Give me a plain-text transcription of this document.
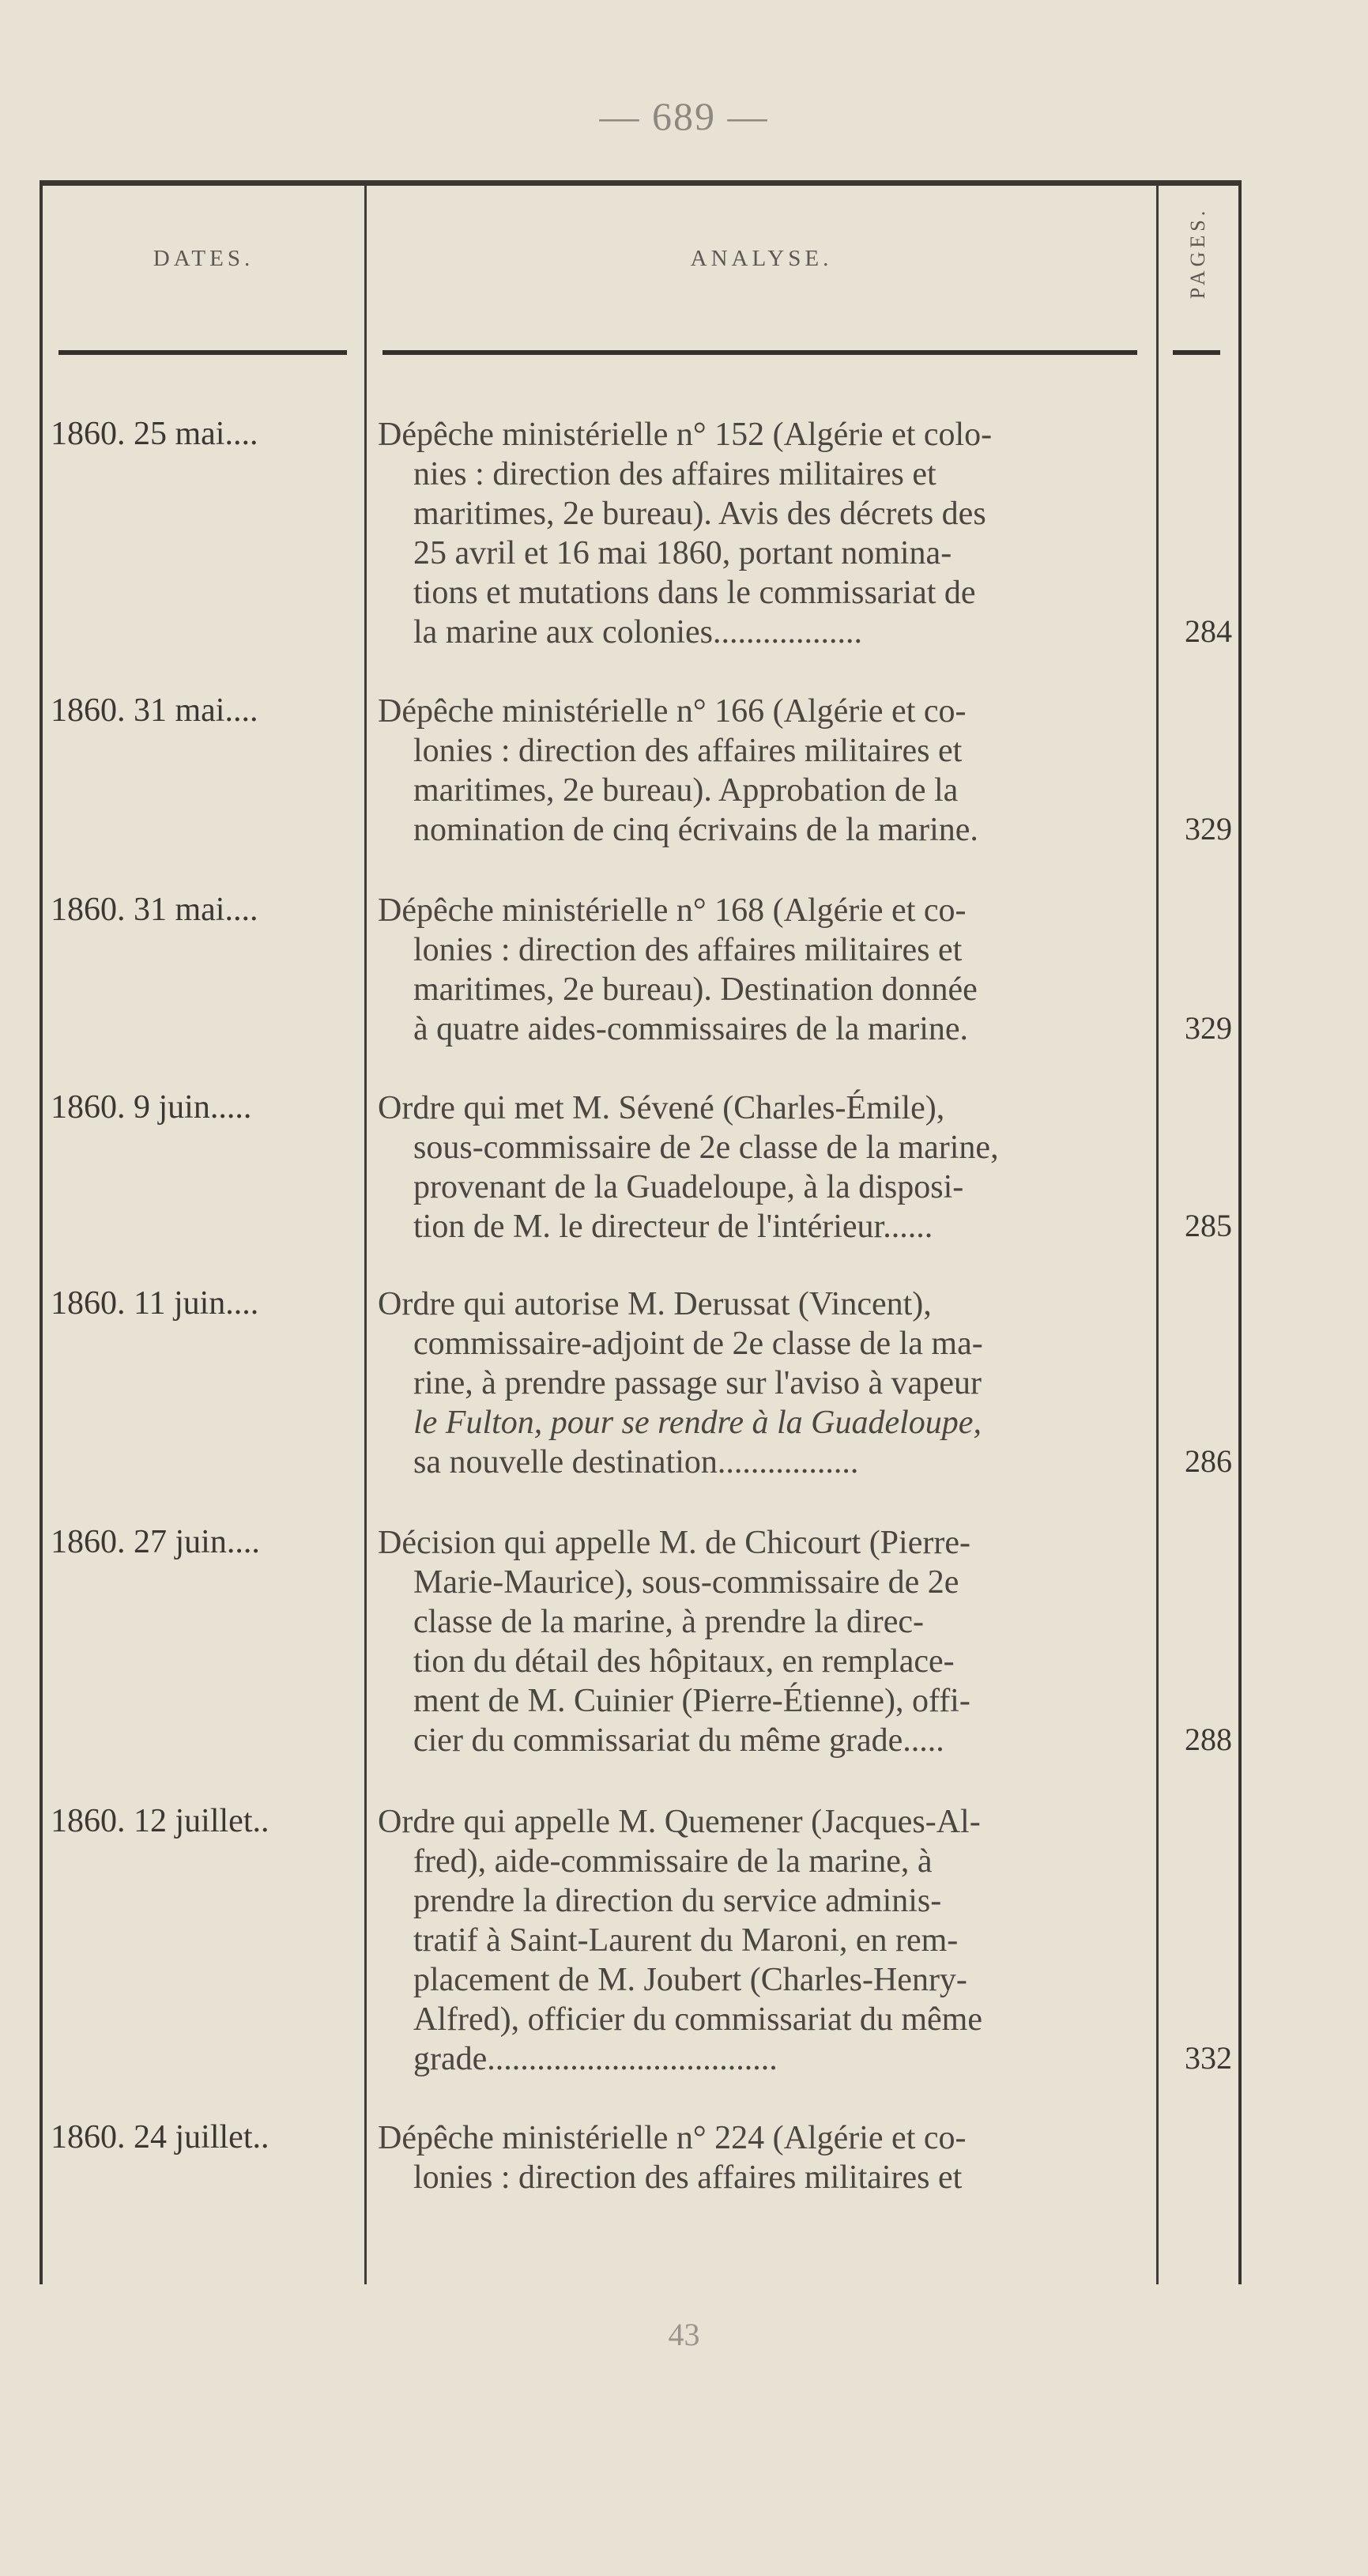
— 689 —
DATES.	ANALYSE.	PAGES.
1860. 25 mai....	Dépêche ministérielle n° 152 (Algérie et colo-
nies : direction des affaires militaires et
maritimes, 2e bureau). Avis des décrets des
25 avril et 16 mai 1860, portant nomina-
tions et mutations dans le commissariat de
la marine aux colonies..................	284
1860. 31 mai....	Dépêche ministérielle n° 166 (Algérie et co-
lonies : direction des affaires militaires et
maritimes, 2e bureau). Approbation de la
nomination de cinq écrivains de la marine.	329
1860. 31 mai....	Dépêche ministérielle n° 168 (Algérie et co-
lonies : direction des affaires militaires et
maritimes, 2e bureau). Destination donnée
à quatre aides-commissaires de la marine.	329
1860. 9 juin.....	Ordre qui met M. Sévené (Charles-Émile),
sous-commissaire de 2e classe de la marine,
provenant de la Guadeloupe, à la disposi-
tion de M. le directeur de l'intérieur......	285
1860. 11 juin....	Ordre qui autorise M. Derussat (Vincent),
commissaire-adjoint de 2e classe de la ma-
rine, à prendre passage sur l'aviso à vapeur
le Fulton, pour se rendre à la Guadeloupe,
sa nouvelle destination.................	286
1860. 27 juin....	Décision qui appelle M. de Chicourt (Pierre-
Marie-Maurice), sous-commissaire de 2e
classe de la marine, à prendre la direc-
tion du détail des hôpitaux, en remplace-
ment de M. Cuinier (Pierre-Étienne), offi-
cier du commissariat du même grade.....	288
1860. 12 juillet..	Ordre qui appelle M. Quemener (Jacques-Al-
fred), aide-commissaire de la marine, à
prendre la direction du service adminis-
tratif à Saint-Laurent du Maroni, en rem-
placement de M. Joubert (Charles-Henry-
Alfred), officier du commissariat du même
grade...................................	332
1860. 24 juillet..	Dépêche ministérielle n° 224 (Algérie et co-
lonies : direction des affaires militaires et
43
